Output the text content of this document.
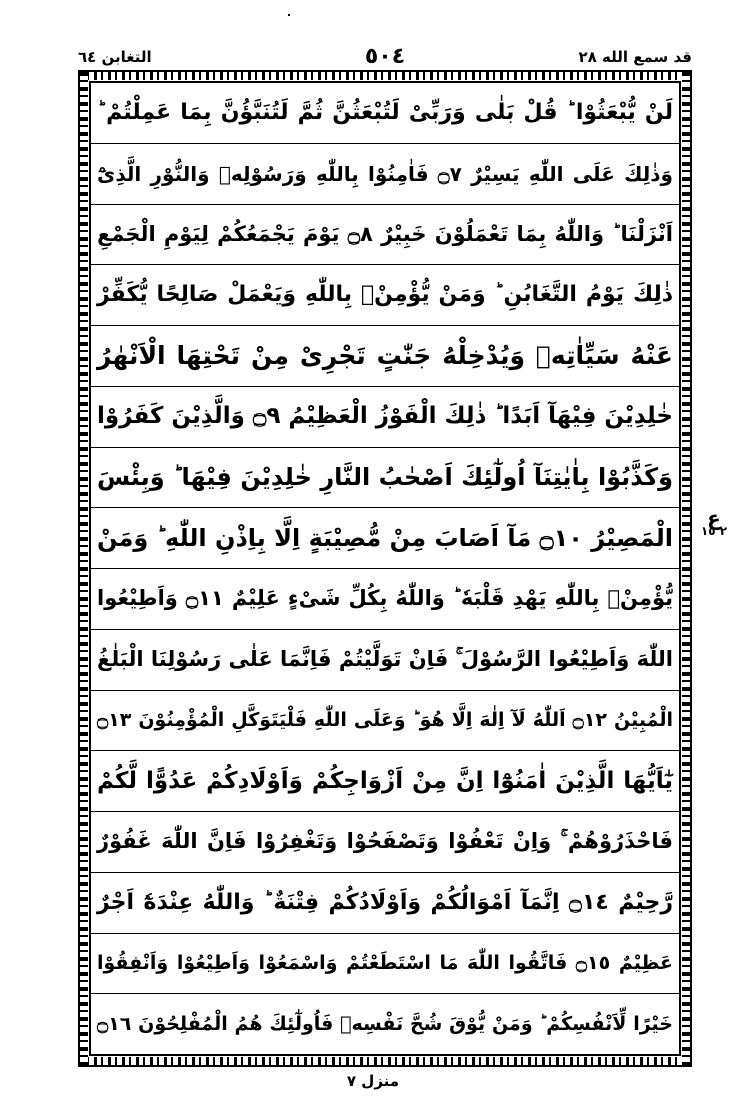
التغابن ٦٤	٥٠٤	قد سمع الله ٢٨
لَنْ يُّبْعَثُوْا ؕ قُلْ بَلٰى وَرَبِّىْ لَتُبْعَثُنَّ ثُمَّ لَتُنَبَّؤُنَّ بِمَا عَمِلْتُمْ ؕ
وَذٰلِكَ عَلَى اللّٰهِ يَسِيْرٌ ۝٧ فَاٰمِنُوْا بِاللّٰهِ وَرَسُوْلِهٖ وَالنُّوْرِ الَّذِىْٓ
اَنْزَلْنَا ؕ وَاللّٰهُ بِمَا تَعْمَلُوْنَ خَبِيْرٌ ۝٨ يَوْمَ يَجْمَعُكُمْ لِيَوْمِ الْجَمْعِ
ذٰلِكَ يَوْمُ التَّغَابُنِ ؕ وَمَنْ يُّؤْمِنْۢ بِاللّٰهِ وَيَعْمَلْ صَالِحًا يُّكَفِّرْ
عَنْهُ سَيِّاٰتِهٖ وَيُدْخِلْهُ جَنّٰتٍ تَجْرِىْ مِنْ تَحْتِهَا الْاَنْهٰرُ
خٰلِدِيْنَ فِيْهَآ اَبَدًا ؕ ذٰلِكَ الْفَوْزُ الْعَظِيْمُ ۝٩ وَالَّذِيْنَ كَفَرُوْا
وَكَذَّبُوْا بِاٰيٰتِنَآ اُولٰٓئِكَ اَصْحٰبُ النَّارِ خٰلِدِيْنَ فِيْهَا ؕ وَبِئْسَ
الْمَصِيْرُ ۝١٠ مَآ اَصَابَ مِنْ مُّصِيْبَةٍ اِلَّا بِاِذْنِ اللّٰهِ ؕ وَمَنْ
يُّؤْمِنْۢ بِاللّٰهِ يَهْدِ قَلْبَهٗ ؕ وَاللّٰهُ بِكُلِّ شَىْءٍ عَلِيْمٌ ۝١١ وَاَطِيْعُوا
اللّٰهَ وَاَطِيْعُوا الرَّسُوْلَ ۚ فَاِنْ تَوَلَّيْتُمْ فَاِنَّمَا عَلٰى رَسُوْلِنَا الْبَلٰغُ
الْمُبِيْنُ ۝١٢ اَللّٰهُ لَآ اِلٰهَ اِلَّا هُوَ ؕ وَعَلَى اللّٰهِ فَلْيَتَوَكَّلِ الْمُؤْمِنُوْنَ ۝١٣
يٰٓاَيُّهَا الَّذِيْنَ اٰمَنُوْٓا اِنَّ مِنْ اَزْوَاجِكُمْ وَاَوْلَادِكُمْ عَدُوًّا لَّكُمْ
فَاحْذَرُوْهُمْ ۚ وَاِنْ تَعْفُوْا وَتَصْفَحُوْا وَتَغْفِرُوْا فَاِنَّ اللّٰهَ غَفُوْرٌ
رَّحِيْمٌ ۝١٤ اِنَّمَآ اَمْوَالُكُمْ وَاَوْلَادُكُمْ فِتْنَةٌ ؕ وَاللّٰهُ عِنْدَهٗٓ اَجْرٌ
عَظِيْمٌ ۝١٥ فَاتَّقُوا اللّٰهَ مَا اسْتَطَعْتُمْ وَاسْمَعُوْا وَاَطِيْعُوْا وَاَنْفِقُوْا
خَيْرًا لِّاَنْفُسِكُمْ ؕ وَمَنْ يُّوْقَ شُحَّ نَفْسِهٖ فَاُولٰٓئِكَ هُمُ الْمُفْلِحُوْنَ ۝١٦
ع
٢ ١٥
منزل ٧
